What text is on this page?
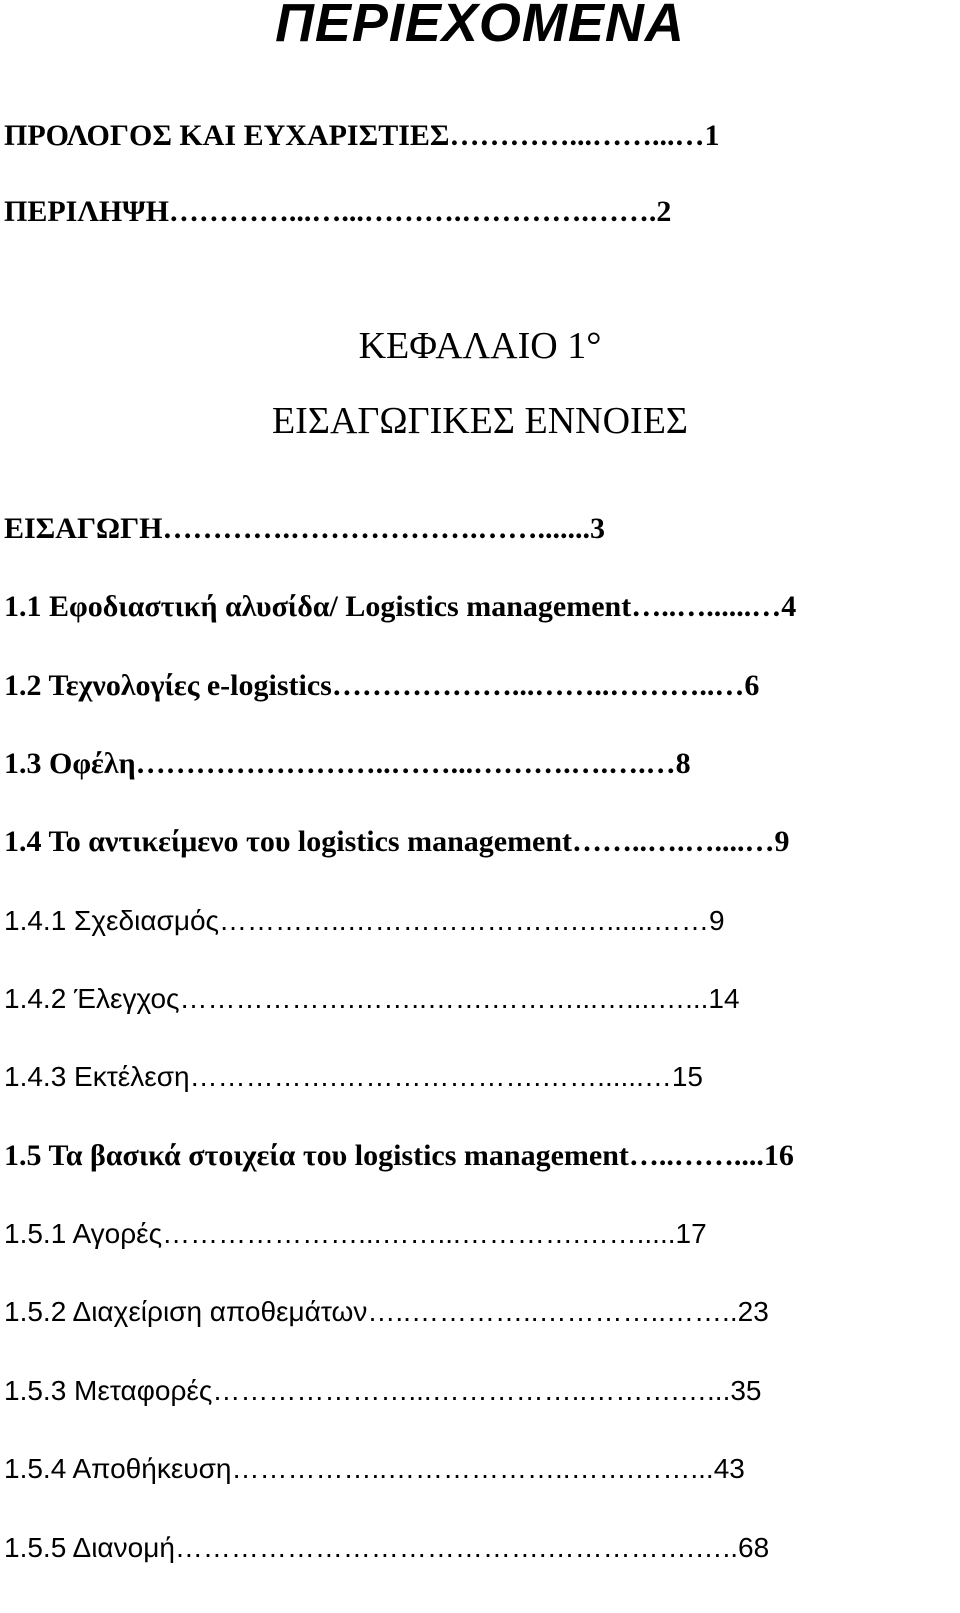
ΠΕΡΙΕΧΟΜΕΝΑ
ΠΡΟΛΟΓΟΣ ΚΑΙ ΕΥΧΑΡΙΣΤΙΕΣ…………...……...…1
ΠΕΡΙΛΗΨΗ…………...…...……….………….…….2
ΚΕΦΑΛΑΙΟ 1°
ΕΙΣΑΓΩΓΙΚΕΣ ΕΝΝΟΙΕΣ
ΕΙΣΑΓΩΓΗ………….……………….…….......3
1.1 Εφοδιαστική αλυσίδα/ Logistics management…..…......…4
1.2 Τεχνολογίες e-logistics………………...……..………..…6
1.3 Οφέλη……………………..……...……….….….…8
1.4 Το αντικείμενο του logistics management……..….…....…9
1.4.1 Σχεδιασμός…………..…………………….…......……9
1.4.2 Έλεγχος……………….……..…….………...…....…...14
1.4.3 Εκτέλεση…………….………………….……......…15
1.5 Τα βασικά στοιχεία του logistics management…..……....16
1.5.1 Αγορές…………………...……...………….…….....17
1.5.2 Διαχείριση αποθεμάτων…..…………..…………..……..23
1.5.3 Μεταφορές…………………...……………..……….…...35
1.5.4 Αποθήκευση……………..………………..…….……...43
1.5.5 Διανομή………………………………….…………….…..68
